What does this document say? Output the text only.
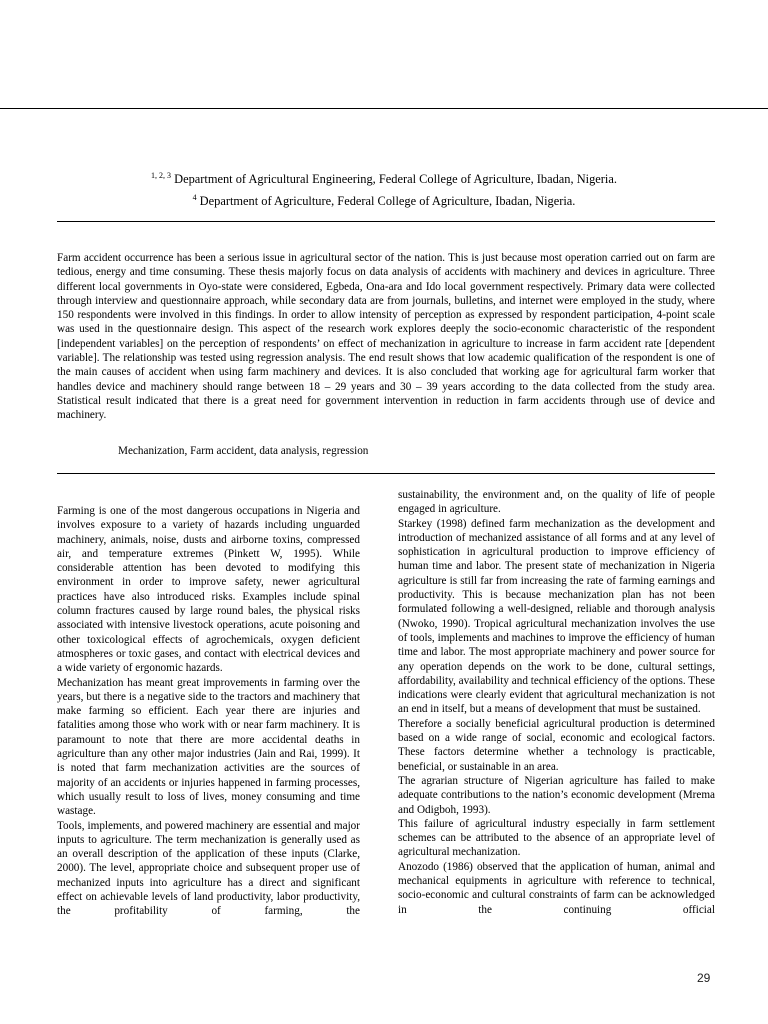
$^{1, 2, 3}$ Department of Agricultural Engineering, Federal College of Agriculture, Ibadan, Nigeria.
$^4$ Department of Agriculture, Federal College of Agriculture, Ibadan, Nigeria.
Farm accident occurrence has been a serious issue in agricultural sector of the nation. This is just because most operation carried out on farm are tedious, energy and time consuming. These thesis majorly focus on data analysis of accidents with machinery and devices in agriculture. Three different local governments in Oyo-state were considered, Egbeda, Ona-ara and Ido local government respectively. Primary data were collected through interview and questionnaire approach, while secondary data are from journals, bulletins, and internet were employed in the study, where 150 respondents were involved in this findings. In order to allow intensity of perception as expressed by respondent participation, 4-point scale was used in the questionnaire design. This aspect of the research work explores deeply the socio-economic characteristic of the respondent [independent variables] on the perception of respondents’ on effect of mechanization in agriculture to increase in farm accident rate [dependent variable]. The relationship was tested using regression analysis. The end result shows that low academic qualification of the respondent is one of the main causes of accident when using farm machinery and devices. It is also concluded that working age for agricultural farm worker that handles device and machinery should range between 18 – 29 years and 30 – 39 years according to the data collected from the study area. Statistical result indicated that there is a great need for government intervention in reduction in farm accidents through use of device and machinery.
Mechanization, Farm accident, data analysis, regression

Farming is one of the most dangerous occupations in Nigeria and involves exposure to a variety of hazards including unguarded machinery, animals, noise, dusts and airborne toxins, compressed air, and temperature extremes (Pinkett W, 1995). While considerable attention has been devoted to modifying this environment in order to improve safety, newer agricultural practices have also introduced risks. Examples include spinal column fractures caused by large round bales, the physical risks associated with intensive livestock operations, acute poisoning and other toxicological effects of agrochemicals, oxygen deficient atmospheres or toxic gases, and contact with electrical devices and a wide variety of ergonomic hazards.

Mechanization has meant great improvements in farming over the years, but there is a negative side to the tractors and machinery that make farming so efficient. Each year there are injuries and fatalities among those who work with or near farm machinery. It is paramount to note that there are more accidental deaths in agriculture than any other major industries (Jain and Rai, 1999). It is noted that farm mechanization activities are the sources of majority of an accidents or injuries happened in farming processes, which usually result to loss of lives, money consuming and time wastage.

Tools, implements, and powered machinery are essential and major inputs to agriculture. The term mechanization is generally used as an overall description of the application of these inputs (Clarke, 2000). The level, appropriate choice and subsequent proper use of mechanized inputs into agriculture has a direct and significant effect on achievable levels of land productivity, labor productivity, the profitability of farming, the

sustainability, the environment and, on the quality of life of people engaged in agriculture.

Starkey (1998) defined farm mechanization as the development and introduction of mechanized assistance of all forms and at any level of sophistication in agricultural production to improve efficiency of human time and labor. The present state of mechanization in Nigeria agriculture is still far from increasing the rate of farming earnings and productivity. This is because mechanization plan has not been formulated following a well-designed, reliable and thorough analysis (Nwoko, 1990). Tropical agricultural mechanization involves the use of tools, implements and machines to improve the efficiency of human time and labor. The most appropriate machinery and power source for any operation depends on the work to be done, cultural settings, affordability, availability and technical efficiency of the options. These indications were clearly evident that agricultural mechanization is not an end in itself, but a means of development that must be sustained.

Therefore a socially beneficial agricultural production is determined based on a wide range of social, economic and ecological factors. These factors determine whether a technology is practicable, beneficial, or sustainable in an area.

The agrarian structure of Nigerian agriculture has failed to make adequate contributions to the nation’s economic development (Mrema and Odigboh, 1993).

This failure of agricultural industry especially in farm settlement schemes can be attributed to the absence of an appropriate level of agricultural mechanization.

Anozodo (1986) observed that the application of human, animal and mechanical equipments in agriculture with reference to technical, socio-economic and cultural constraints of farm can be acknowledged in the continuing official

29
